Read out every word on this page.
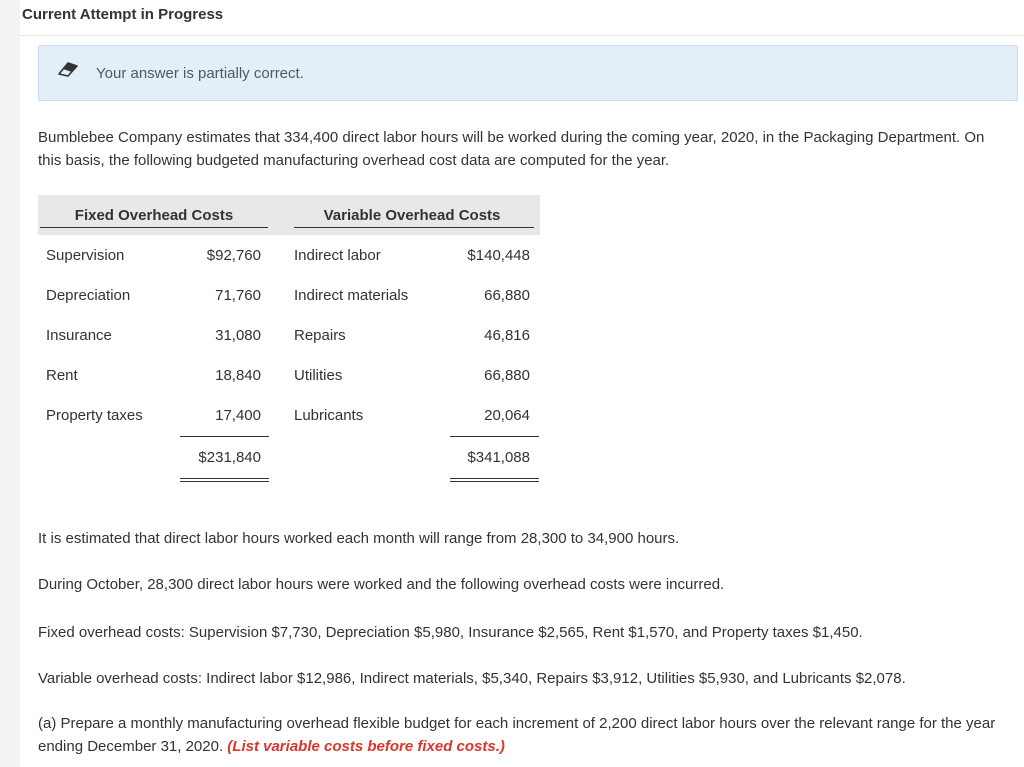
Current Attempt in Progress
Your answer is partially correct.
Bumblebee Company estimates that 334,400 direct labor hours will be worked during the coming year, 2020, in the Packaging Department. On this basis, the following budgeted manufacturing overhead cost data are computed for the year.
Fixed Overhead Costs	Variable Overhead Costs
Supervision	$92,760 Indirect labor	$140,448
Depreciation	71,760 Indirect materials	66,880
Insurance	31,080 Repairs	46,816
Rent	18,840 Utilities	66,880
Property taxes	17,400 Lubricants	20,064
$231,840	$341,088
It is estimated that direct labor hours worked each month will range from 28,300 to 34,900 hours.
During October, 28,300 direct labor hours were worked and the following overhead costs were incurred.
Fixed overhead costs: Supervision $7,730, Depreciation $5,980, Insurance $2,565, Rent $1,570, and Property taxes $1,450.
Variable overhead costs: Indirect labor $12,986, Indirect materials, $5,340, Repairs $3,912, Utilities $5,930, and Lubricants $2,078.
(a) Prepare a monthly manufacturing overhead flexible budget for each increment of 2,200 direct labor hours over the relevant range for the year ending December 31, 2020. (List variable costs before fixed costs.)
